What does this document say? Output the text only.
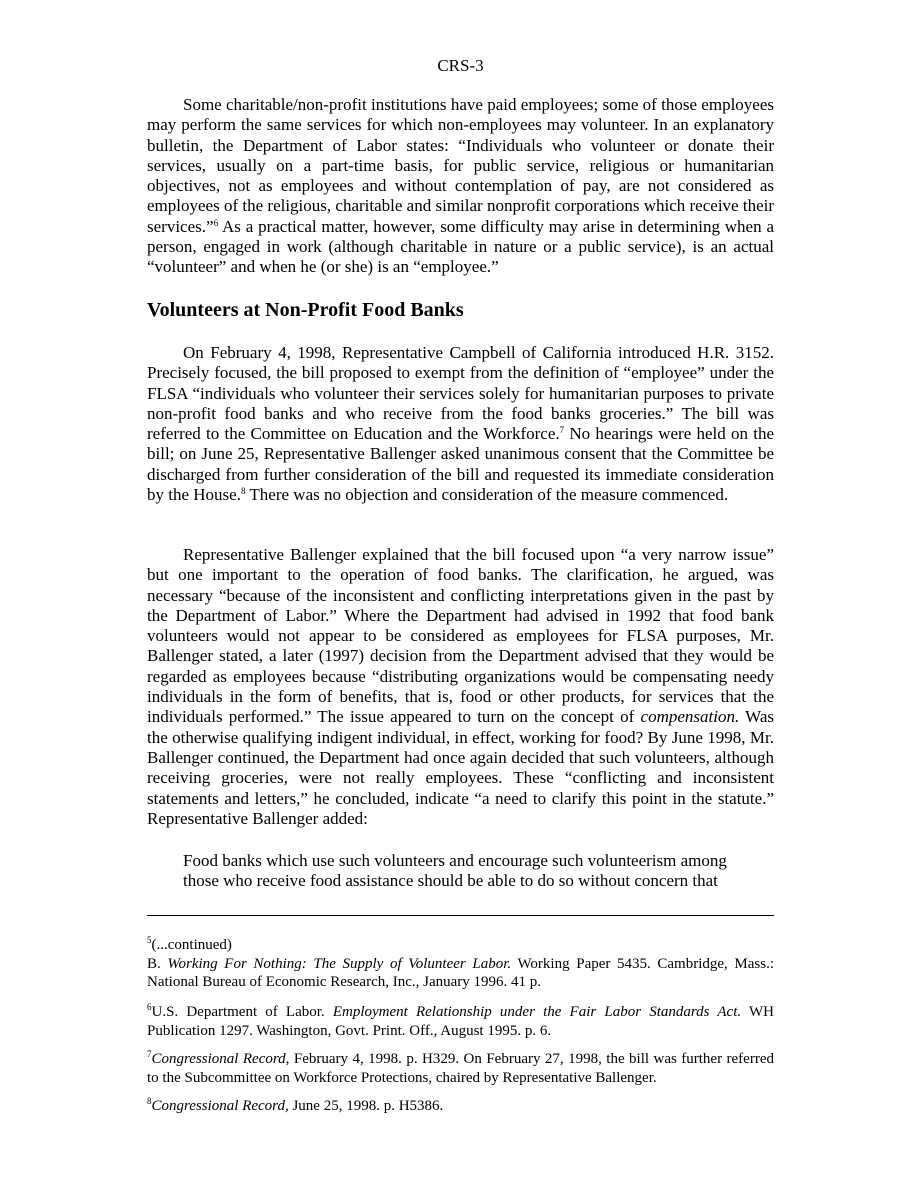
CRS-3

Some charitable/non-profit institutions have paid employees; some of those employees may perform the same services for which non-employees may volunteer. In an explanatory bulletin, the Department of Labor states: “Individuals who volunteer or donate their services, usually on a part-time basis, for public service, religious or humanitarian objectives, not as employees and without contemplation of pay, are not considered as employees of the religious, charitable and similar nonprofit corporations which receive their services.”$^6$ As a practical matter, however, some difficulty may arise in determining when a person, engaged in work (although charitable in nature or a public service), is an actual “volunteer” and when he (or she) is an “employee.”

Volunteers at Non-Profit Food Banks

On February 4, 1998, Representative Campbell of California introduced H.R. 3152. Precisely focused, the bill proposed to exempt from the definition of “employee” under the FLSA “individuals who volunteer their services solely for humanitarian purposes to private non-profit food banks and who receive from the food banks groceries.” The bill was referred to the Committee on Education and the Workforce.$^7$ No hearings were held on the bill; on June 25, Representative Ballenger asked unanimous consent that the Committee be discharged from further consideration of the bill and requested its immediate consideration by the House.$^8$ There was no objection and consideration of the measure commenced.

Representative Ballenger explained that the bill focused upon “a very narrow issue” but one important to the operation of food banks. The clarification, he argued, was necessary “because of the inconsistent and conflicting interpretations given in the past by the Department of Labor.” Where the Department had advised in 1992 that food bank volunteers would not appear to be considered as employees for FLSA purposes, Mr. Ballenger stated, a later (1997) decision from the Department advised that they would be regarded as employees because “distributing organizations would be compensating needy individuals in the form of benefits, that is, food or other products, for services that the individuals performed.” The issue appeared to turn on the concept of compensation. Was the otherwise qualifying indigent individual, in effect, working for food? By June 1998, Mr. Ballenger continued, the Department had once again decided that such volunteers, although receiving groceries, were not really employees. These “conflicting and inconsistent statements and letters,” he concluded, indicate “a need to clarify this point in the statute.” Representative Ballenger added:

Food banks which use such volunteers and encourage such volunteerism among
those who receive food assistance should be able to do so without concern that
$^5$(...continued)
B. Working For Nothing: The Supply of Volunteer Labor. Working Paper 5435. Cambridge, Mass.: National Bureau of Economic Research, Inc., January 1996. 41 p.

$^6$U.S. Department of Labor. Employment Relationship under the Fair Labor Standards Act. WH Publication 1297. Washington, Govt. Print. Off., August 1995. p. 6.

$^7$Congressional Record, February 4, 1998. p. H329. On February 27, 1998, the bill was further referred to the Subcommittee on Workforce Protections, chaired by Representative Ballenger.

$^8$Congressional Record, June 25, 1998. p. H5386.
